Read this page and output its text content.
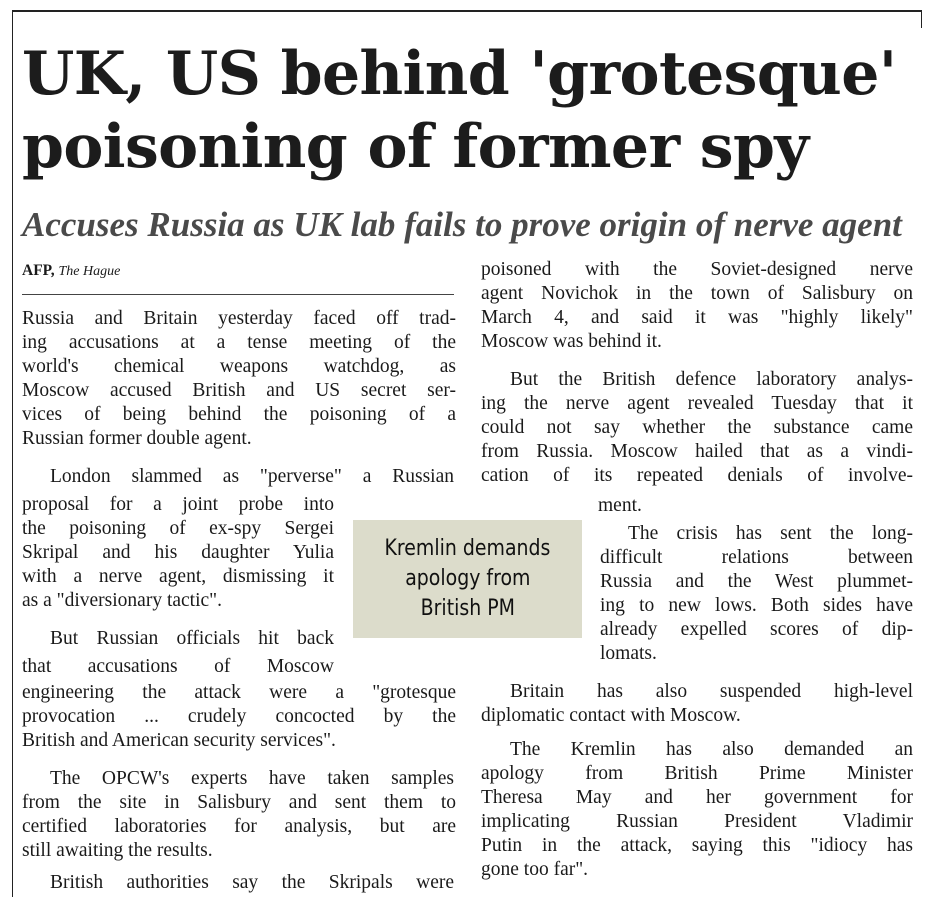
UK, US behind 'grotesque'
poisoning of former spy

Accuses Russia as UK lab fails to prove origin of nerve agent

AFP, The Hague
Russia and Britain yesterday faced off trad-
ing accusations at a tense meeting of the
world's chemical weapons watchdog, as
Moscow accused British and US secret ser-
vices of being behind the poisoning of a
Russian former double agent.
London slammed as "perverse" a Russian
proposal for a joint probe into
the poisoning of ex-spy Sergei
Skripal and his daughter Yulia
with a nerve agent, dismissing it
as a "diversionary tactic".
But Russian officials hit back
that accusations of Moscow
engineering the attack were a "grotesque
provocation ... crudely concocted by the
British and American security services".
The OPCW's experts have taken samples
from the site in Salisbury and sent them to
certified laboratories for analysis, but are
still awaiting the results.
British authorities say the Skripals were
poisoned with the Soviet-designed nerve
agent Novichok in the town of Salisbury on
March 4, and said it was "highly likely"
Moscow was behind it.
But the British defence laboratory analys-
ing the nerve agent revealed Tuesday that it
could not say whether the substance came
from Russia. Moscow hailed that as a vindi-
cation of its repeated denials of involve-
ment.
The crisis has sent the long-
difficult relations between
Russia and the West plummet-
ing to new lows. Both sides have
already expelled scores of dip-
lomats.
Britain has also suspended high-level
diplomatic contact with Moscow.
The Kremlin has also demanded an
apology from British Prime Minister
Theresa May and her government for
implicating Russian President Vladimir
Putin in the attack, saying this "idiocy has
gone too far".
Kremlin demands
apology from
British PM
